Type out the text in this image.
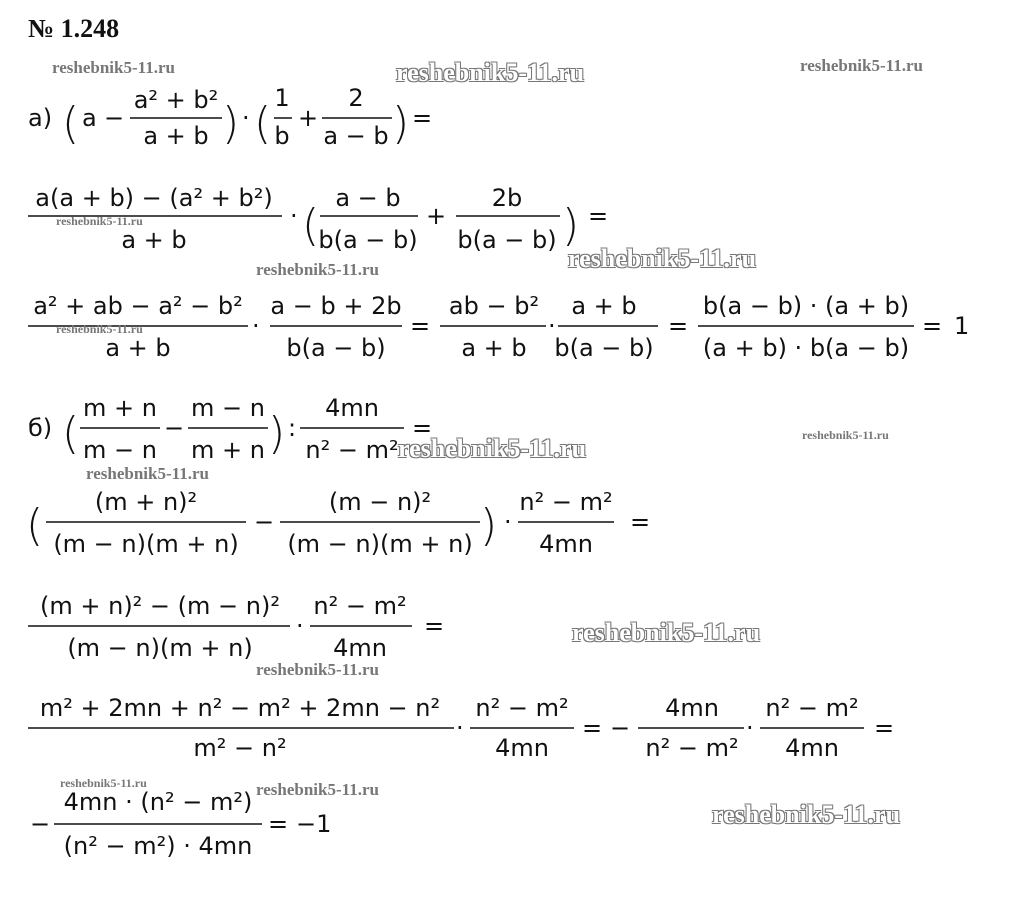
№ 1.248
а) ( a −
a² + b²
a + b ) · ( 1
b
+
2
a − b ) =
a(a + b) − (a² + b²)
a + b
· (
a − b
b(a − b)
+
2b
b(a − b) ) =
a² + ab − a² − b²
a + b
·
a − b + 2b
b(a − b)
=
ab − b²
a + b
·
a + b
b(a − b)
=
b(a − b) · (a + b)
(a + b) · b(a − b)
= 1
б) ( m + n
m − n
−
m − n
m + n ) :
4mn
n² − m²
=
( (m + n)²
(m − n)(m + n)
−
(m − n)²
(m − n)(m + n) ) ·
n² − m²
4mn
=
(m + n)² − (m − n)²
(m − n)(m + n)
·
n² − m²
4mn
=
m² + 2mn + n² − m² + 2mn − n²
m² − n²
·
n² − m²
4mn
= −
4mn
n² − m²
·
n² − m²
4mn
=
−
4mn · (n² − m²)
(n² − m²) · 4mn
= −1
reshebnik5-11.ru	reshebnik5-11.ru	reshebnik5-11.ru
reshebnik5-11.ru
reshebnik5-11.ru	reshebnik5-11.ru
reshebnik5-11.ru
reshebnik5-11.ru
reshebnik5-11.ru
reshebnik5-11.ru
reshebnik5-11.ru
reshebnik5-11.ru
reshebnik5-11.ru	reshebnik5-11.ru
reshebnik5-11.ru
